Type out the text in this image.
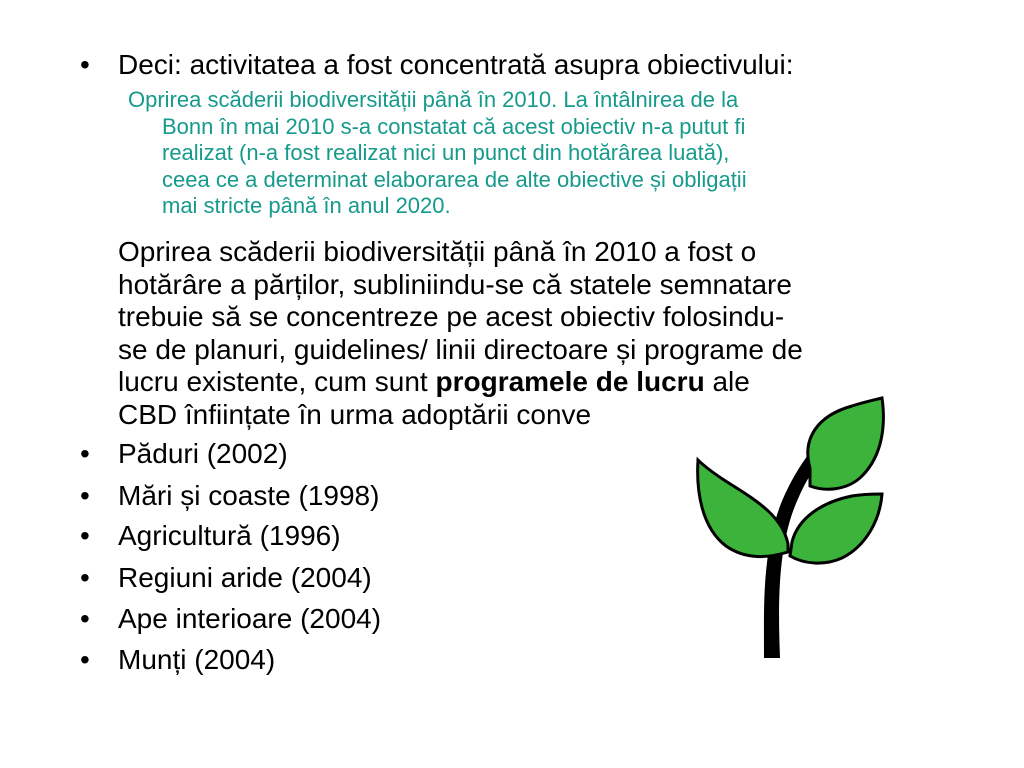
• Deci: activitatea a fost concentrată asupra obiectivului:
Oprirea scăderii biodiversității până în 2010. La întâlnirea de la
Bonn în mai 2010 s-a constatat că acest obiectiv n-a putut fi
realizat (n-a fost realizat nici un punct din hotărârea luată),
ceea ce a determinat elaborarea de alte obiective și obligații
mai stricte până în anul 2020.
Oprirea scăderii biodiversității până în 2010 a fost o
hotărâre a părților, subliniindu-se că statele semnatare
trebuie să se concentreze pe acest obiectiv folosindu-
se de planuri, guidelines/ linii directoare și programe de
lucru existente, cum sunt programele de lucru ale
CBD înființate în urma adoptării conve
• Păduri (2002)
• Mări și coaste (1998)
• Agricultură (1996)
• Regiuni aride (2004)
• Ape interioare (2004)
• Munți (2004)
